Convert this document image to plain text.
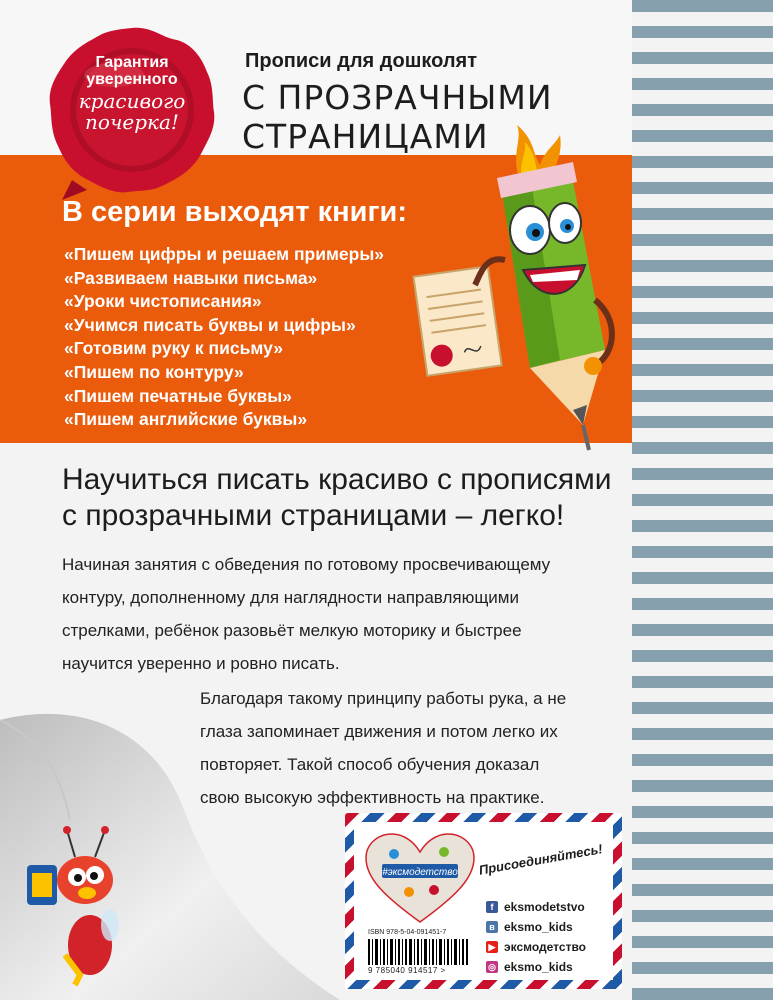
Гарантия
уверенного
красивого
почерка!
Прописи для дошколят
С ПРОЗРАЧНЫМИ СТРАНИЦАМИ
В серии выходят книги:
«Пишем цифры и решаем примеры»
«Развиваем навыки письма»
«Уроки чистописания»
«Учимся писать буквы и цифры»
«Готовим руку к письму»
«Пишем по контуру»
«Пишем печатные буквы»
«Пишем английские буквы»
Научиться писать красиво с прописями
с прозрачными страницами – легко!
Начиная занятия с обведения по готовому просвечивающему
контуру, дополненному для наглядности направляющими
стрелками, ребёнок разовьёт мелкую моторику и быстрее
научится уверенно и ровно писать.
Благодаря такому принципу работы рука, а не
глаза запоминает движения и потом легко их
повторяет. Такой способ обучения доказал
свою высокую эффективность на практике.
#эксмодетство
ISBN 978-5-04-091451-7
9 785040 914517 >
Присоединяйтесь!
f eksmodetstvo
в eksmo_kids
▶ эксмодетство
◎ eksmo_kids
